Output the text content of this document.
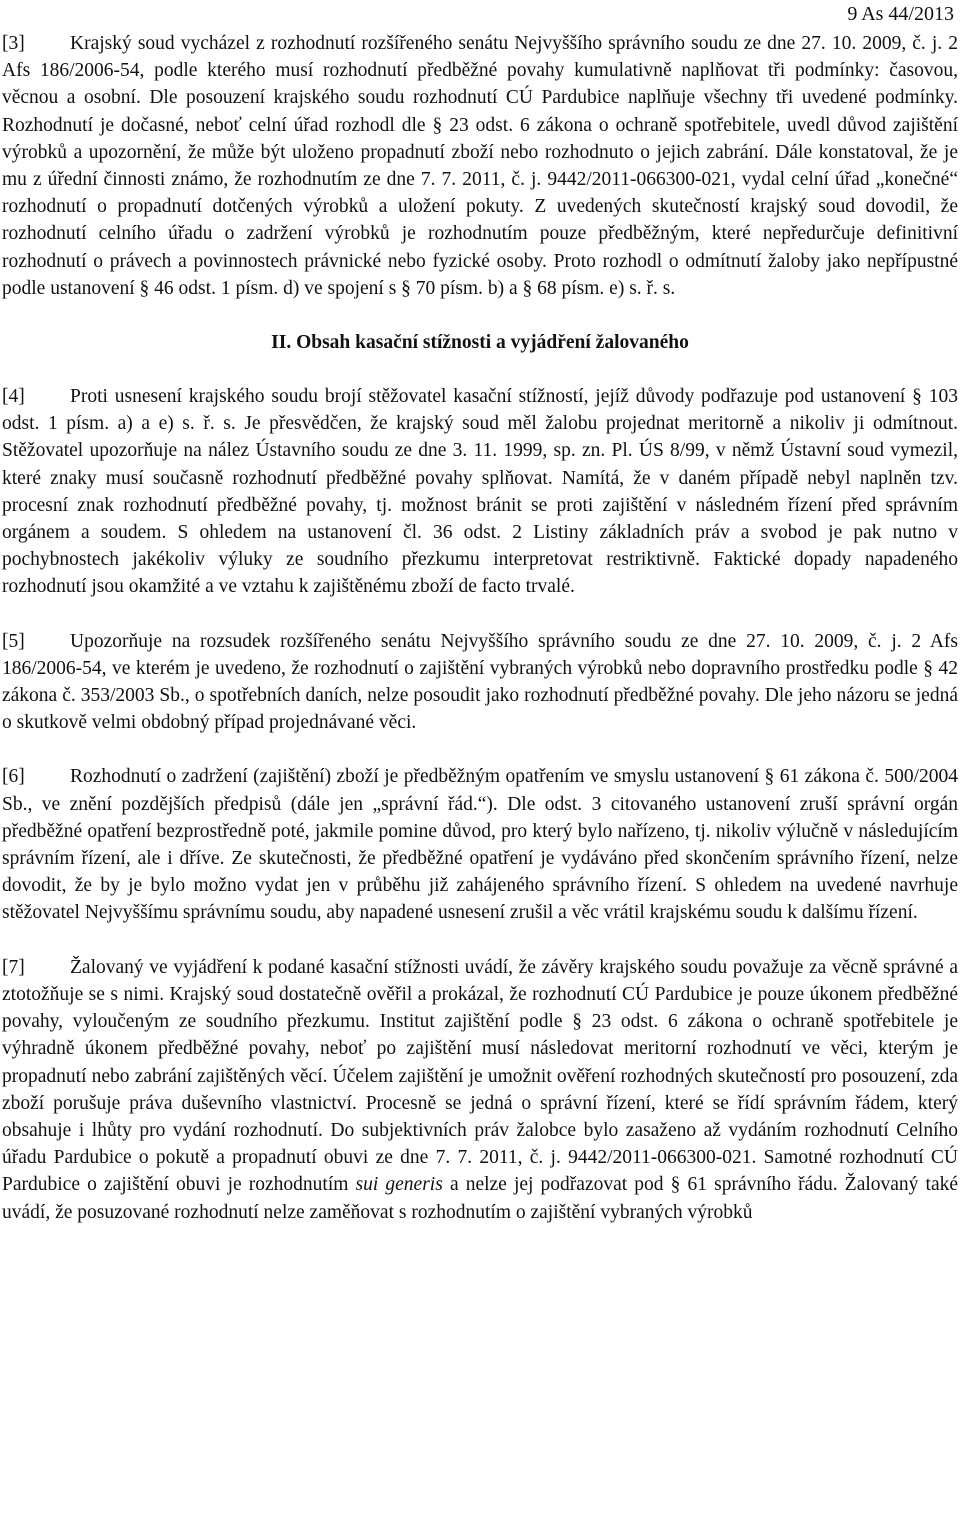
9 As 44/2013

[3] Krajský soud vycházel z rozhodnutí rozšířeného senátu Nejvyššího správního soudu ze dne 27. 10. 2009, č. j. 2 Afs 186/2006-54, podle kterého musí rozhodnutí předběžné povahy kumulativně naplňovat tři podmínky: časovou, věcnou a osobní. Dle posouzení krajského soudu rozhodnutí CÚ Pardubice naplňuje všechny tři uvedené podmínky. Rozhodnutí je dočasné, neboť celní úřad rozhodl dle § 23 odst. 6 zákona o ochraně spotřebitele, uvedl důvod zajištění výrobků a upozornění, že může být uloženo propadnutí zboží nebo rozhodnuto o jejich zabrání. Dále konstatoval, že je mu z úřední činnosti známo, že rozhodnutím ze dne 7. 7. 2011, č. j. 9442/2011-066300-021, vydal celní úřad „konečné“ rozhodnutí o propadnutí dotčených výrobků a uložení pokuty. Z uvedených skutečností krajský soud dovodil, že rozhodnutí celního úřadu o zadržení výrobků je rozhodnutím pouze předběžným, které nepředurčuje definitivní rozhodnutí o právech a povinnostech právnické nebo fyzické osoby. Proto rozhodl o odmítnutí žaloby jako nepřípustné podle ustanovení § 46 odst. 1 písm. d) ve spojení s § 70 písm. b) a § 68 písm. e) s. ř. s.

II. Obsah kasační stížnosti a vyjádření žalovaného

[4] Proti usnesení krajského soudu brojí stěžovatel kasační stížností, jejíž důvody podřazuje pod ustanovení § 103 odst. 1 písm. a) a e) s. ř. s. Je přesvědčen, že krajský soud měl žalobu projednat meritorně a nikoliv ji odmítnout. Stěžovatel upozorňuje na nález Ústavního soudu ze dne 3. 11. 1999, sp. zn. Pl. ÚS 8/99, v němž Ústavní soud vymezil, které znaky musí současně rozhodnutí předběžné povahy splňovat. Namítá, že v daném případě nebyl naplněn tzv. procesní znak rozhodnutí předběžné povahy, tj. možnost bránit se proti zajištění v následném řízení před správním orgánem a soudem. S ohledem na ustanovení čl. 36 odst. 2 Listiny základních práv a svobod je pak nutno v pochybnostech jakékoliv výluky ze soudního přezkumu interpretovat restriktivně. Faktické dopady napadeného rozhodnutí jsou okamžité a ve vztahu k zajištěnému zboží de facto trvalé.

[5] Upozorňuje na rozsudek rozšířeného senátu Nejvyššího správního soudu ze dne 27. 10. 2009, č. j. 2 Afs 186/2006-54, ve kterém je uvedeno, že rozhodnutí o zajištění vybraných výrobků nebo dopravního prostředku podle § 42 zákona č. 353/2003 Sb., o spotřebních daních, nelze posoudit jako rozhodnutí předběžné povahy. Dle jeho názoru se jedná o skutkově velmi obdobný případ projednávané věci.

[6] Rozhodnutí o zadržení (zajištění) zboží je předběžným opatřením ve smyslu ustanovení § 61 zákona č. 500/2004 Sb., ve znění pozdějších předpisů (dále jen „správní řád.“). Dle odst. 3 citovaného ustanovení zruší správní orgán předběžné opatření bezprostředně poté, jakmile pomine důvod, pro který bylo nařízeno, tj. nikoliv výlučně v následujícím správním řízení, ale i dříve. Ze skutečnosti, že předběžné opatření je vydáváno před skončením správního řízení, nelze dovodit, že by je bylo možno vydat jen v průběhu již zahájeného správního řízení. S ohledem na uvedené navrhuje stěžovatel Nejvyššímu správnímu soudu, aby napadené usnesení zrušil a věc vrátil krajskému soudu k dalšímu řízení.

[7] Žalovaný ve vyjádření k podané kasační stížnosti uvádí, že závěry krajského soudu považuje za věcně správné a ztotožňuje se s nimi. Krajský soud dostatečně ověřil a prokázal, že rozhodnutí CÚ Pardubice je pouze úkonem předběžné povahy, vyloučeným ze soudního přezkumu. Institut zajištění podle § 23 odst. 6 zákona o ochraně spotřebitele je výhradně úkonem předběžné povahy, neboť po zajištění musí následovat meritorní rozhodnutí ve věci, kterým je propadnutí nebo zabrání zajištěných věcí. Účelem zajištění je umožnit ověření rozhodných skutečností pro posouzení, zda zboží porušuje práva duševního vlastnictví. Procesně se jedná o správní řízení, které se řídí správním řádem, který obsahuje i lhůty pro vydání rozhodnutí. Do subjektivních práv žalobce bylo zasaženo až vydáním rozhodnutí Celního úřadu Pardubice o pokutě a propadnutí obuvi ze dne 7. 7. 2011, č. j. 9442/2011-066300-021. Samotné rozhodnutí CÚ Pardubice o zajištění obuvi je rozhodnutím sui generis a nelze jej podřazovat pod § 61 správního řádu. Žalovaný také uvádí, že posuzované rozhodnutí nelze zaměňovat s rozhodnutím o zajištění vybraných výrobků
